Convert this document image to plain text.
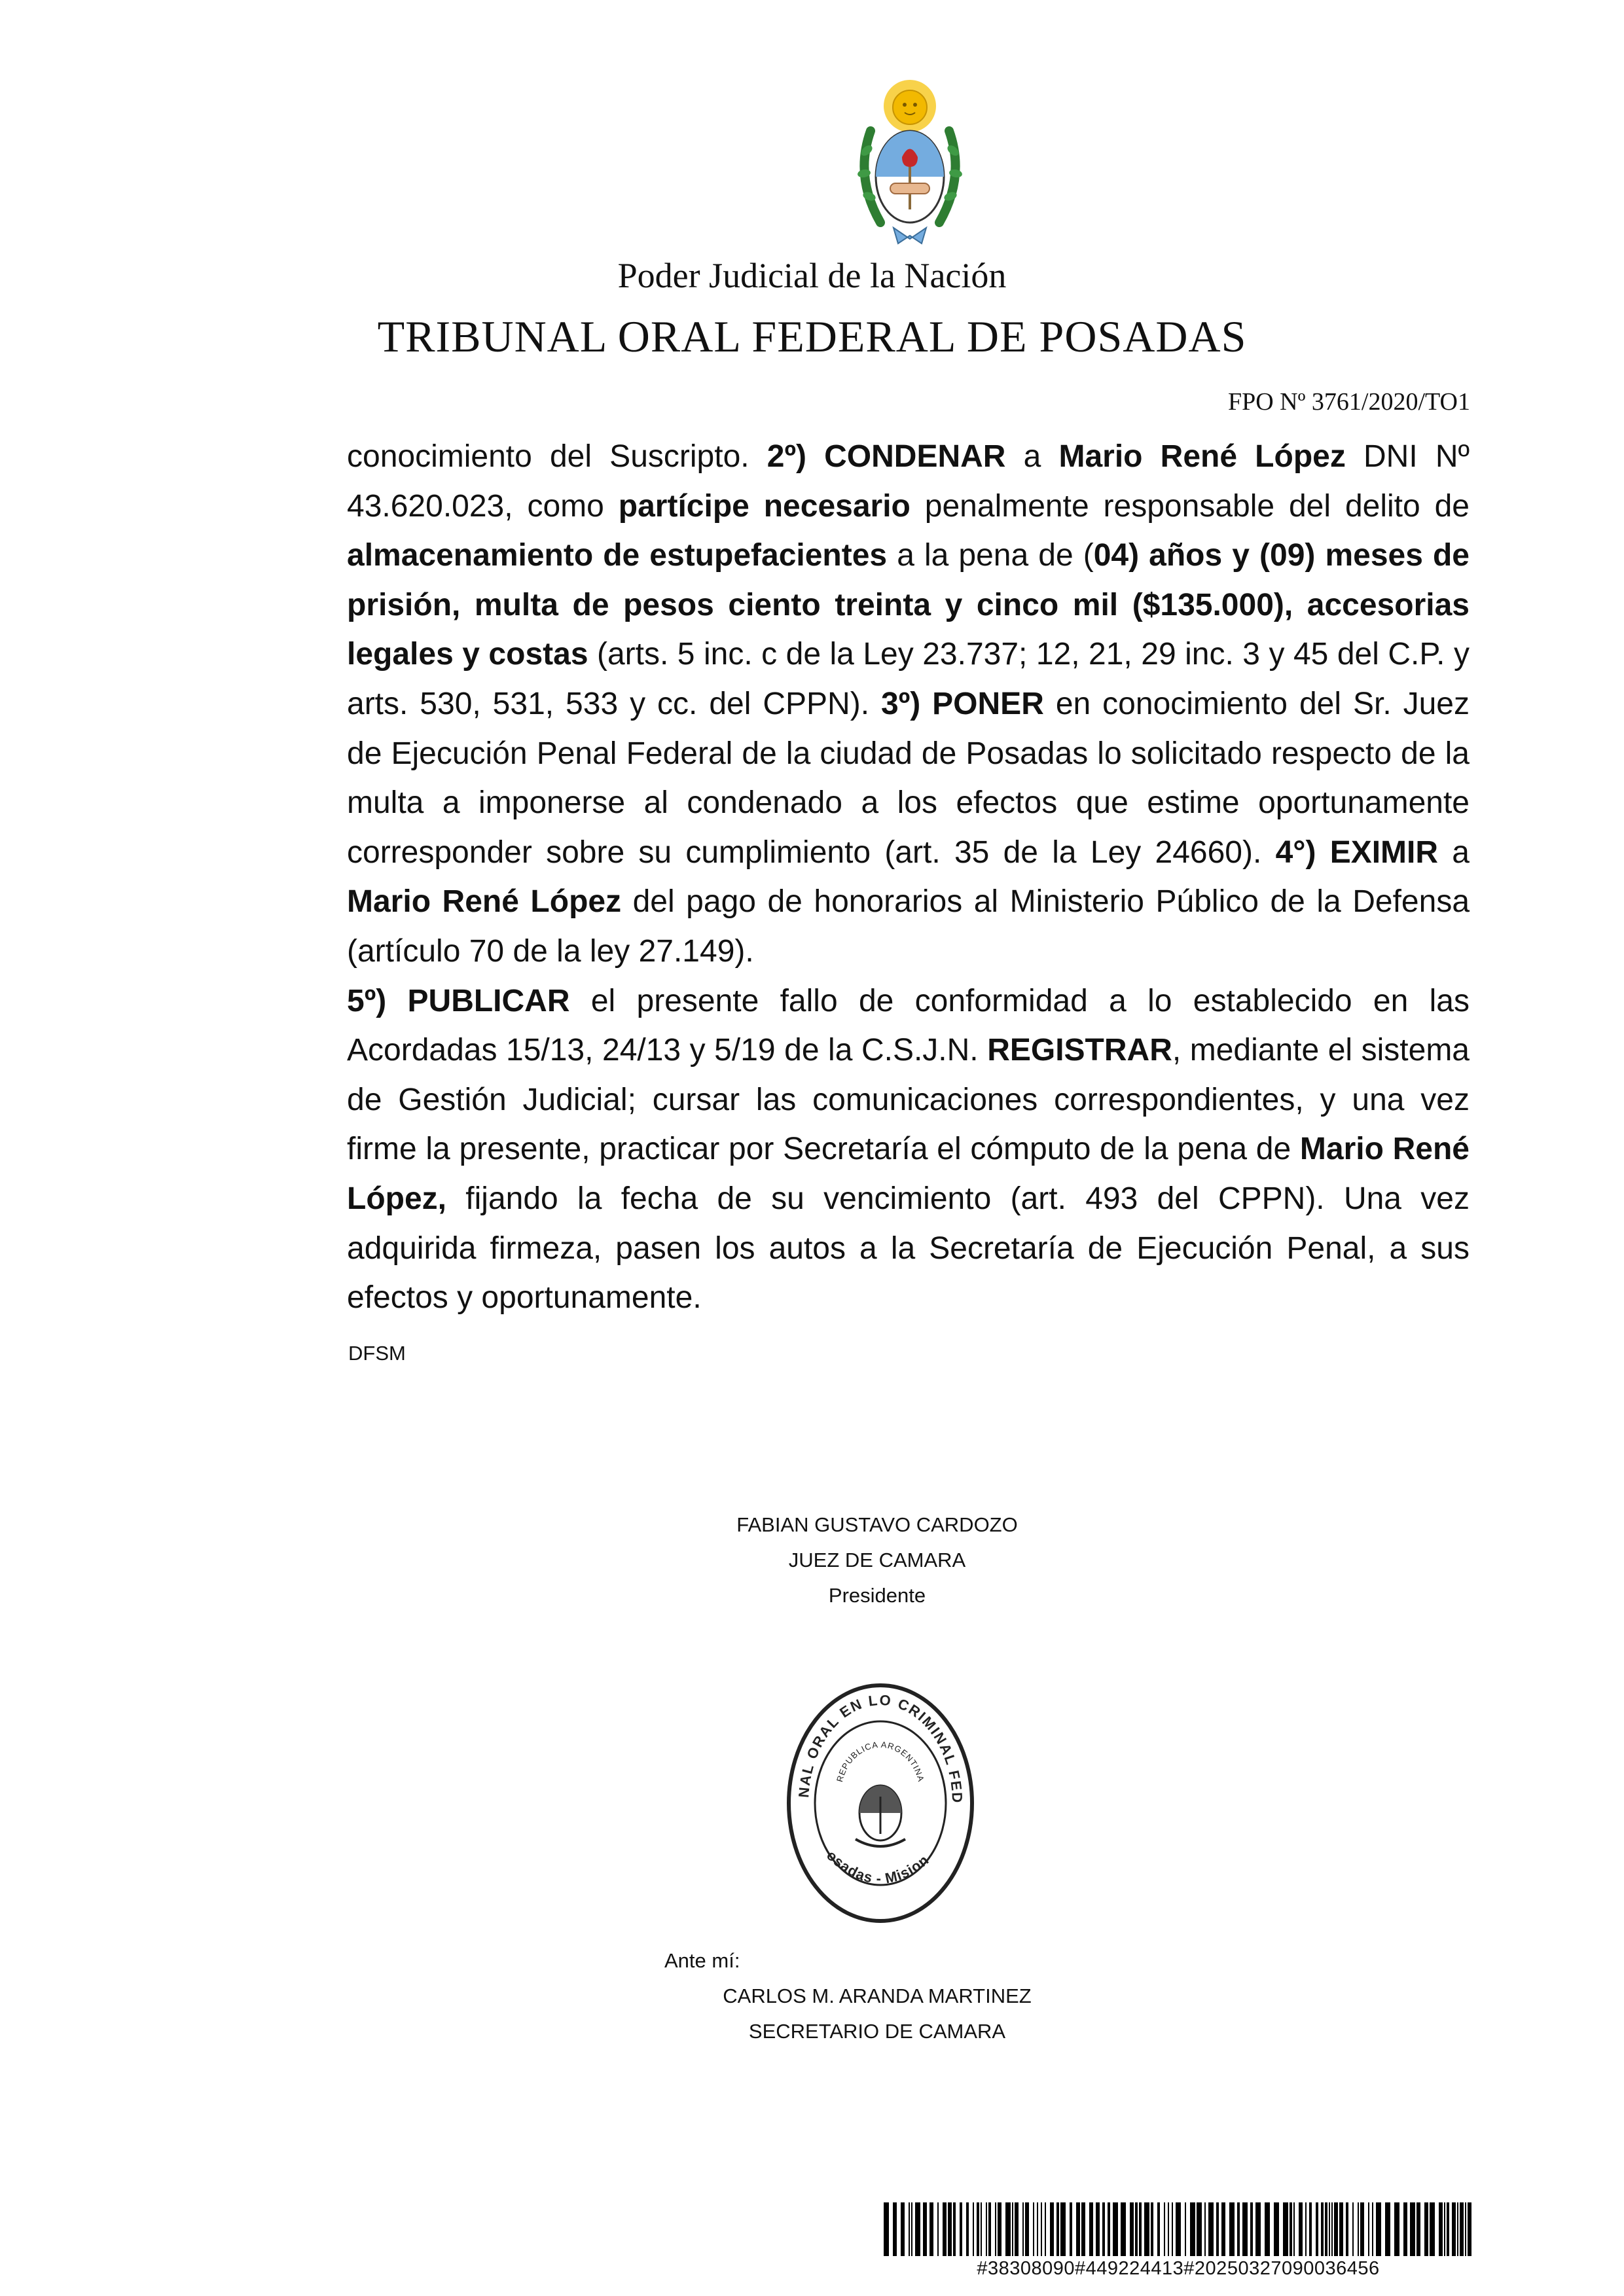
Poder Judicial de la Nación
TRIBUNAL ORAL FEDERAL DE POSADAS
FPO Nº 3761/2020/TO1

conocimiento del Suscripto. 2º) CONDENAR a Mario René López DNI Nº 43.620.023, como partícipe necesario penalmente responsable del delito de almacenamiento de estupefacientes a la pena de (04) años y (09) meses de prisión, multa de pesos ciento treinta y cinco mil ($135.000), accesorias legales y costas (arts. 5 inc. c de la Ley 23.737; 12, 21, 29 inc. 3 y 45 del C.P. y arts. 530, 531, 533 y cc. del CPPN). 3º) PONER en conocimiento del Sr. Juez de Ejecución Penal Federal de la ciudad de Posadas lo solicitado respecto de la multa a imponerse al condenado a los efectos que estime oportunamente corresponder sobre su cumplimiento (art. 35 de la Ley 24660). 4°) EXIMIR a Mario René López del pago de honorarios al Ministerio Público de la Defensa (artículo 70 de la ley 27.149).

5º) PUBLICAR el presente fallo de conformidad a lo establecido en las Acordadas 15/13, 24/13 y 5/19 de la C.S.J.N. REGISTRAR, mediante el sistema de Gestión Judicial; cursar las comunicaciones correspondientes, y una vez firme la presente, practicar por Secretaría el cómputo de la pena de Mario René López, fijando la fecha de su vencimiento (art. 493 del CPPN). Una vez adquirida firmeza, pasen los autos a la Secretaría de Ejecución Penal, a sus efectos y oportunamente.

DFSM
FABIAN GUSTAVO CARDOZO
JUEZ DE CAMARA
Presidente
NAL ORAL EN LO CRIMINAL FED
REPUBLICA ARGENTINA
osadas - Mision
Ante mí:
CARLOS M. ARANDA MARTINEZ
SECRETARIO DE CAMARA
#38308090#449224413#20250327090036456
